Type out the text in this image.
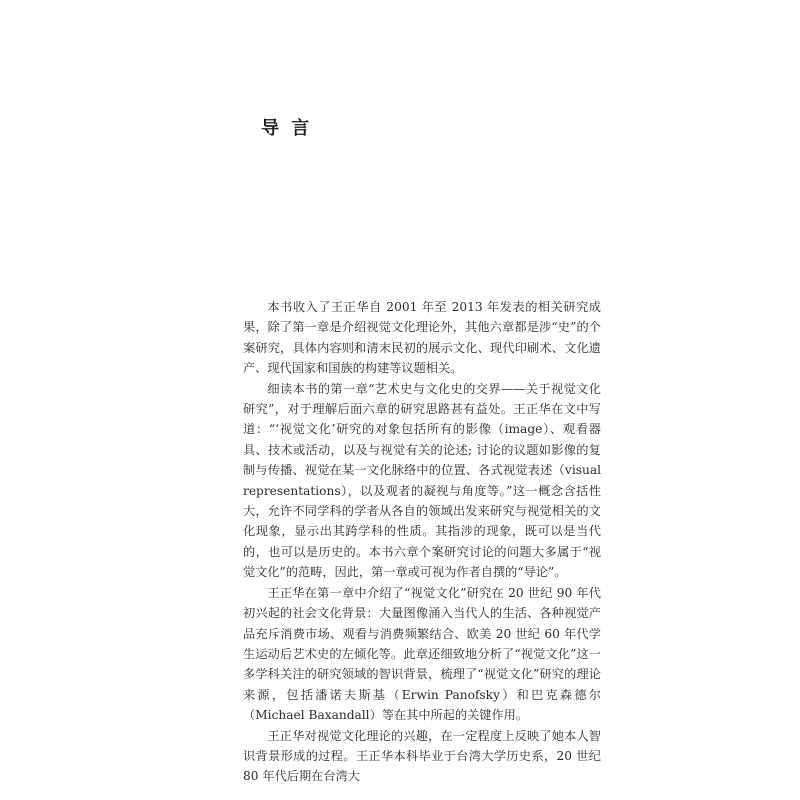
导 言

本书收入了王正华自 2001 年至 2013 年发表的相关研究成果，除了第一章是介绍视觉文化理论外，其他六章都是涉“史”的个案研究，具体内容则和清末民初的展示文化、现代印刷术、文化遗产、现代国家和国族的构建等议题相关。

细读本书的第一章“艺术史与文化史的交界——关于视觉文化研究”，对于理解后面六章的研究思路甚有益处。王正华在文中写道：“‘视觉文化’研究的对象包括所有的影像（image）、观看器具、技术或活动，以及与视觉有关的论述; 讨论的议题如影像的复制与传播、视觉在某一文化脉络中的位置、各式视觉表述（visual representations），以及观者的凝视与角度等。”这一概念含括性大，允许不同学科的学者从各自的领域出发来研究与视觉相关的文化现象，显示出其跨学科的性质。其指涉的现象，既可以是当代的，也可以是历史的。本书六章个案研究讨论的问题大多属于“视觉文化”的范畴，因此，第一章或可视为作者自撰的“导论”。

王正华在第一章中介绍了“视觉文化”研究在 20 世纪 90 年代初兴起的社会文化背景：大量图像涌入当代人的生活、各种视觉产品充斥消费市场、观看与消费频繁结合、欧美 20 世纪 60 年代学生运动后艺术史的左倾化等。此章还细致地分析了“视觉文化”这一多学科关注的研究领域的智识背景，梳理了“视觉文化”研究的理论来源，包括潘诺夫斯基（Erwin Panofsky）和巴克森德尔（Michael Baxandall）等在其中所起的关键作用。

王正华对视觉文化理论的兴趣，在一定程度上反映了她本人智识背景形成的过程。王正华本科毕业于台湾大学历史系，20 世纪 80 年代后期在台湾大
